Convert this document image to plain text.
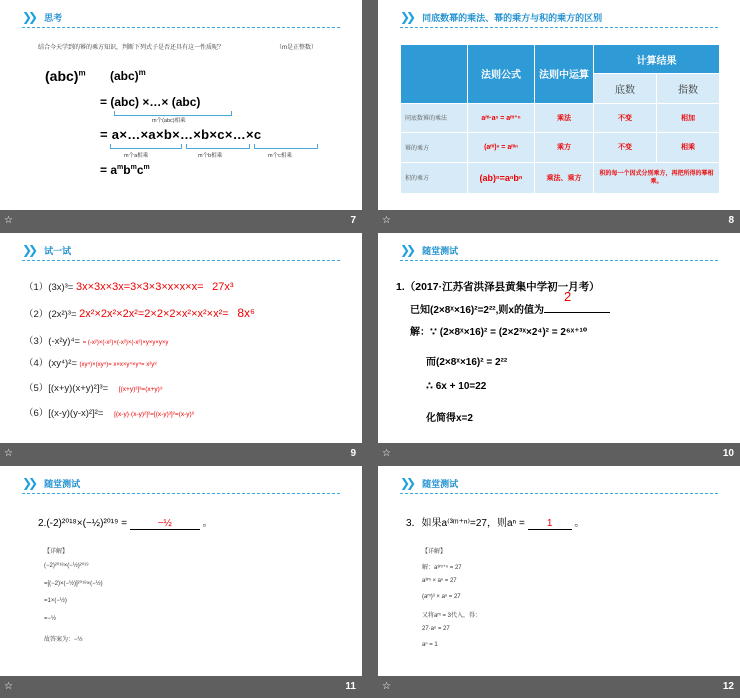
❯❯ 思考
结合今天学到的幂的乘方知识，判断下列式子是否还具有这一性质呢？	（m是正整数）
(abc)$^m$ (abc)$^m$
= (abc) ×…× (abc)
m个(abc)相乘
= a×…×a×b×…×b×c×…×c
m个a相乘	m个b相乘	m个c相乘
= $a^mb^mc^m$
☆	7
❯❯ 同底数幂的乘法、幂的乘方与积的乘方的区别
	法则公式	法则中运算	计算结果	
			底数	指数
同底数幂的乘法	aᵐ·aⁿ = aᵐ⁺ⁿ	乘法	不变	相加
幂的乘方	(aᵐ)ⁿ = aᵐⁿ	乘方	不变	相乘
积的乘方	(ab)ⁿ=aⁿbⁿ	乘法、乘方	积的每一个因式分别乘方，再把所得的幂相乘。	
☆	8
❯❯ 试一试
（1）(3x)³= 3x×3x×3x=3×3×3×x×x×x= 27x³
（2）(2x²)³= 2x²×2x²×2x²=2×2×2×x²×x²×x²= 8x⁶
（3）(-x²y)⁴= = (-x²)×(-x²)×(-x²)×(-x²)×y×y×y×y
（4）(xy⁴)²= (xy⁴)×(xy⁴)= x×x×y⁴×y⁴= x²y⁸
（5）[(x+y)(x+y)²]³= [(x+y)³]³=(x+y)⁹
（6）[(x-y)(y-x)²]²= [(x-y)·(x-y)²]²=[(x-y)³]²=(x-y)⁶
☆	9
❯❯ 随堂测试
1.（2017·江苏省洪泽县黄集中学初一月考）
已知(2×8ˣ×16)²=2²²,则x的值为
2
解：∵ (2×8ˣ×16)² = (2×2³ˣ×2⁴)² = 2⁶ˣ⁺¹⁰
而(2×8ˣ×16)² = 2²²
∴ 6x + 10=22
化简得x=2
☆	10
❯❯ 随堂测试
2.(-2)²⁰¹⁸×(−½)²⁰¹⁹ =	−½	。
【详解】
(−2)²⁰¹⁸×(−½)²⁰¹⁹
=[(−2)×(−½)]²⁰¹⁸×(−½)
=1×(−½)
=−½
故答案为：−½
☆	11
❯❯ 随堂测试
3．如果a⁽³ᵐ⁺ⁿ⁾=27，则aⁿ = 1 。
【详解】
解：a³ᵐ⁺ⁿ = 27
a³ᵐ × aⁿ = 27
(aᵐ)³ × aⁿ = 27
又将aᵐ = 3代入，得：
27·aⁿ = 27
aⁿ = 1
☆	12
